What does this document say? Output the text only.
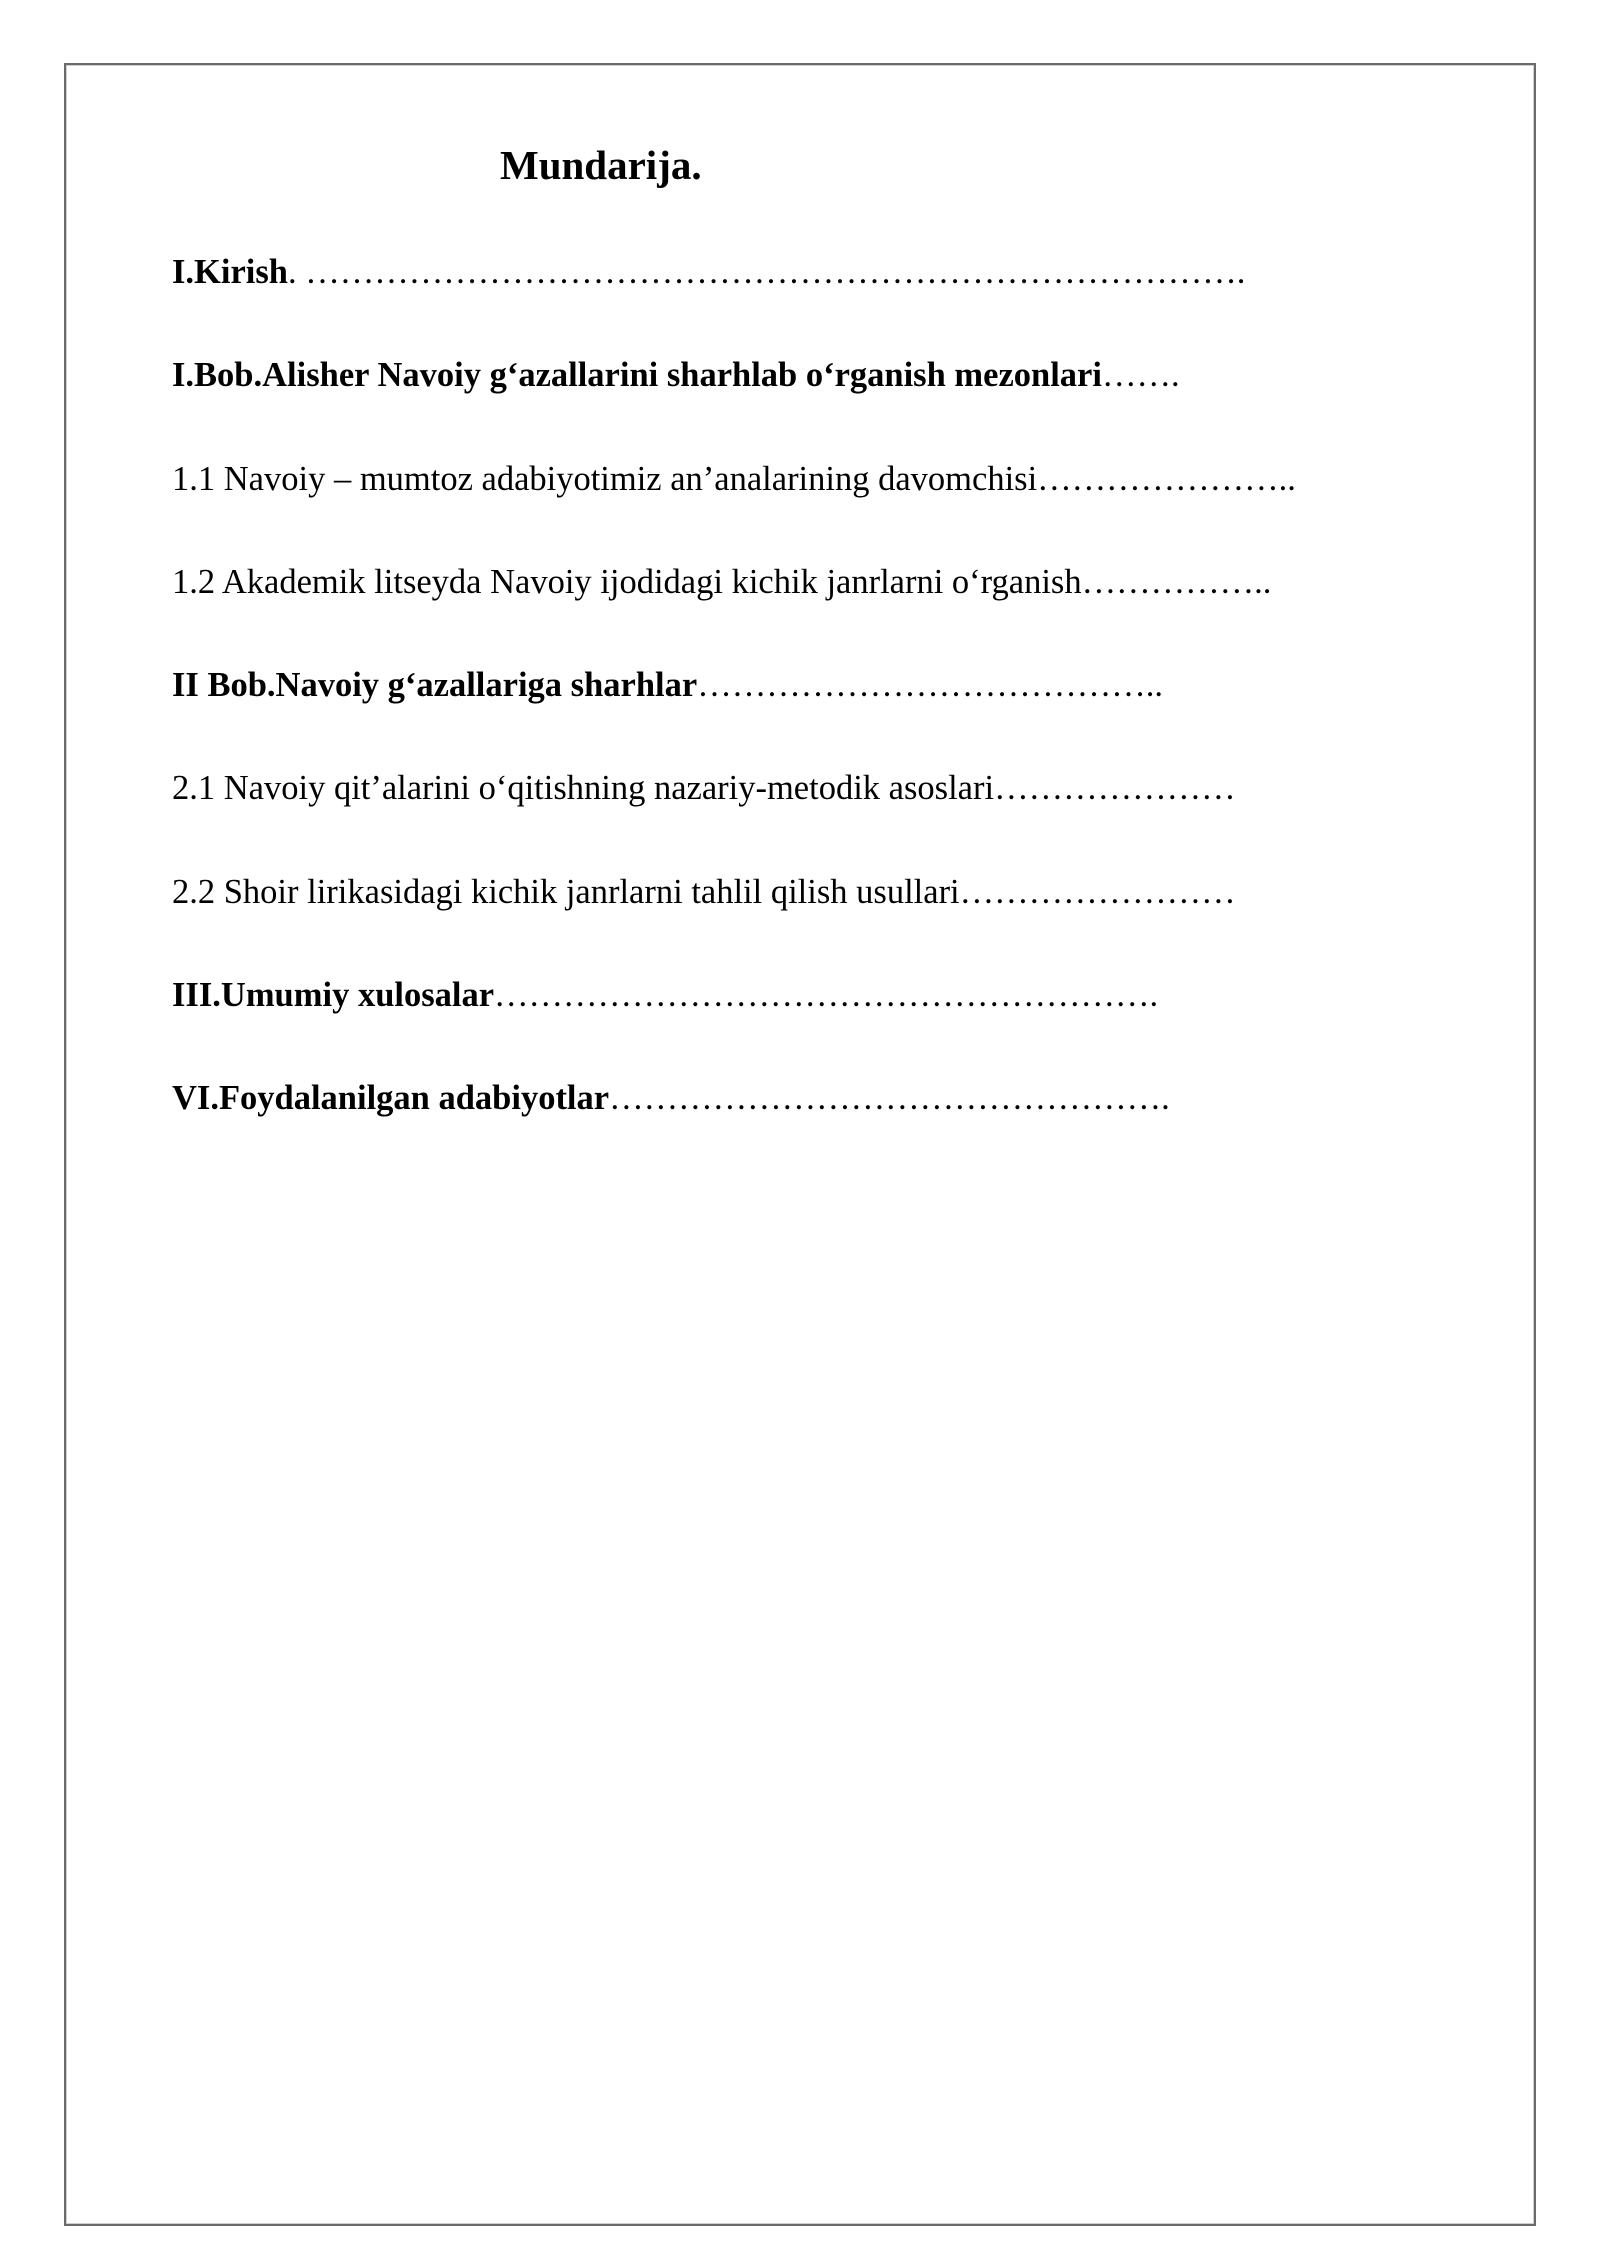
Mundarija.
I.Kirish. ……………………………………………………………………….
I.Bob.Alisher Navoiy g‘azallarini sharhlab o‘rganish mezonlari…….
1.1 Navoiy – mumtoz adabiyotimiz an’analarining davomchisi…………………..
1.2 Akademik litseyda Navoiy ijodidagi kichik janrlarni o‘rganish……………..
II Bob.Navoiy g‘azallariga sharhlar…………………………………..
2.1 Navoiy qit’alarini o‘qitishning nazariy-metodik asoslari…………………
2.2 Shoir lirikasidagi kichik janrlarni tahlil qilish usullari……………………
III.Umumiy xulosalar………………………………………………….
VI.Foydalanilgan adabiyotlar………………………………………….
